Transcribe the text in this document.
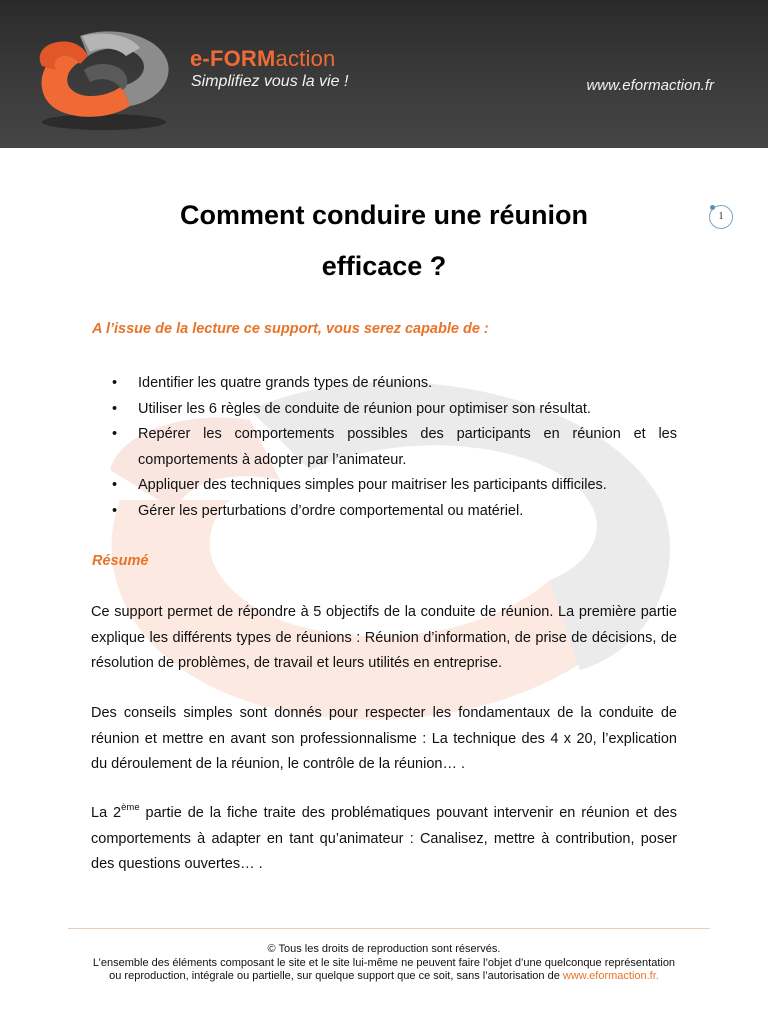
e-FORMaction
Simplifiez vous la vie !	www.eformaction.fr
1
Comment conduire une réunion
efficace ?

A l’issue de la lecture ce support, vous serez capable de :

• Identifier les quatre grands types de réunions.
• Utiliser les 6 règles de conduite de réunion pour optimiser son résultat.
• Repérer les comportements possibles des participants en réunion et les comportements à adopter par l’animateur.
• Appliquer des techniques simples pour maitriser les participants difficiles.
• Gérer les perturbations d’ordre comportemental ou matériel.

Résumé

Ce support permet de répondre à 5 objectifs de la conduite de réunion. La première partie explique les différents types de réunions : Réunion d’information, de prise de décisions, de résolution de problèmes, de travail et leurs utilités en entreprise.

Des conseils simples sont donnés pour respecter les fondamentaux de la conduite de réunion et mettre en avant son professionnalisme : La technique des 4 x 20, l’explication du déroulement de la réunion, le contrôle de la réunion… .

La 2ème partie de la fiche traite des problématiques pouvant intervenir en réunion et des comportements à adapter en tant qu’animateur : Canalisez, mettre à contribution, poser des questions ouvertes… .

© Tous les droits de reproduction sont réservés.
L’ensemble des éléments composant le site et le site lui-même ne peuvent faire l’objet d’une quelconque représentation
ou reproduction, intégrale ou partielle, sur quelque support que ce soit, sans l’autorisation de www.eformaction.fr.
